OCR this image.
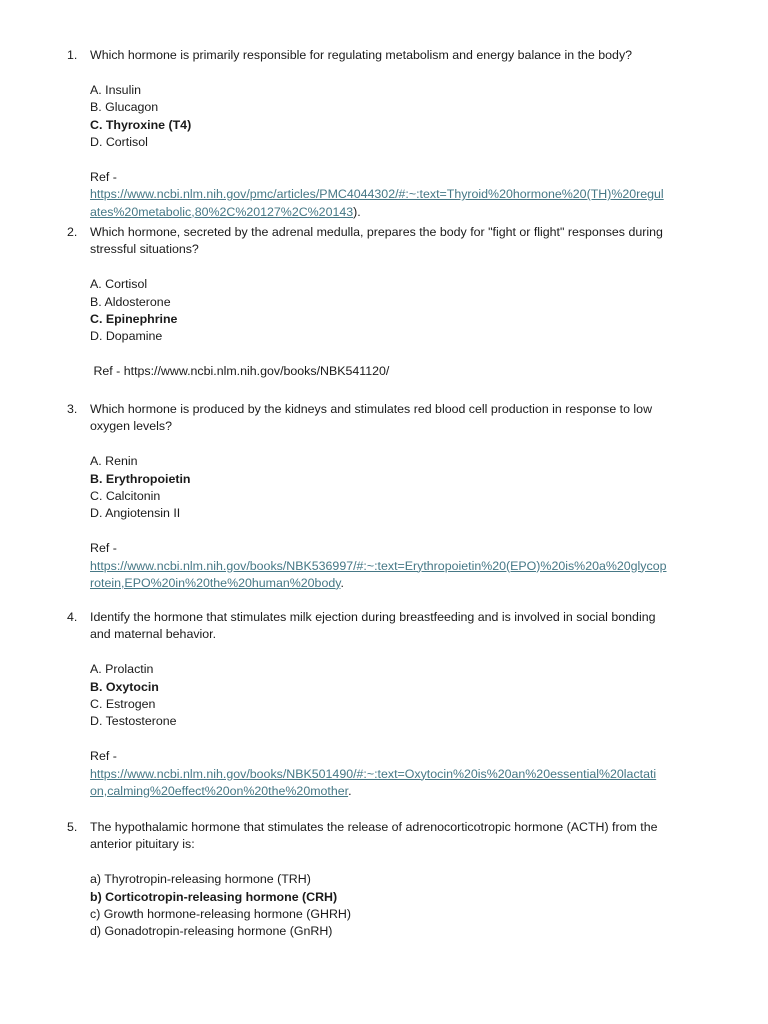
1. Which hormone is primarily responsible for regulating metabolism and energy balance in the body?
A. Insulin
B. Glucagon
C. Thyroxine (T4)
D. Cortisol
Ref -
https://www.ncbi.nlm.nih.gov/pmc/articles/PMC4044302/#:~:text=Thyroid%20hormone%20(TH)%20regul
ates%20metabolic,80%2C%20127%2C%20143).
2. Which hormone, secreted by the adrenal medulla, prepares the body for "fight or flight" responses during
stressful situations?
A. Cortisol
B. Aldosterone
C. Epinephrine
D. Dopamine
Ref - https://www.ncbi.nlm.nih.gov/books/NBK541120/
3. Which hormone is produced by the kidneys and stimulates red blood cell production in response to low
oxygen levels?
A. Renin
B. Erythropoietin
C. Calcitonin
D. Angiotensin II
Ref -
https://www.ncbi.nlm.nih.gov/books/NBK536997/#:~:text=Erythropoietin%20(EPO)%20is%20a%20glycop
rotein,EPO%20in%20the%20human%20body.
4. Identify the hormone that stimulates milk ejection during breastfeeding and is involved in social bonding
and maternal behavior.
A. Prolactin
B. Oxytocin
C. Estrogen
D. Testosterone
Ref -
https://www.ncbi.nlm.nih.gov/books/NBK501490/#:~:text=Oxytocin%20is%20an%20essential%20lactati
on,calming%20effect%20on%20the%20mother.
5. The hypothalamic hormone that stimulates the release of adrenocorticotropic hormone (ACTH) from the
anterior pituitary is:
a) Thyrotropin-releasing hormone (TRH)
b) Corticotropin-releasing hormone (CRH)
c) Growth hormone-releasing hormone (GHRH)
d) Gonadotropin-releasing hormone (GnRH)
